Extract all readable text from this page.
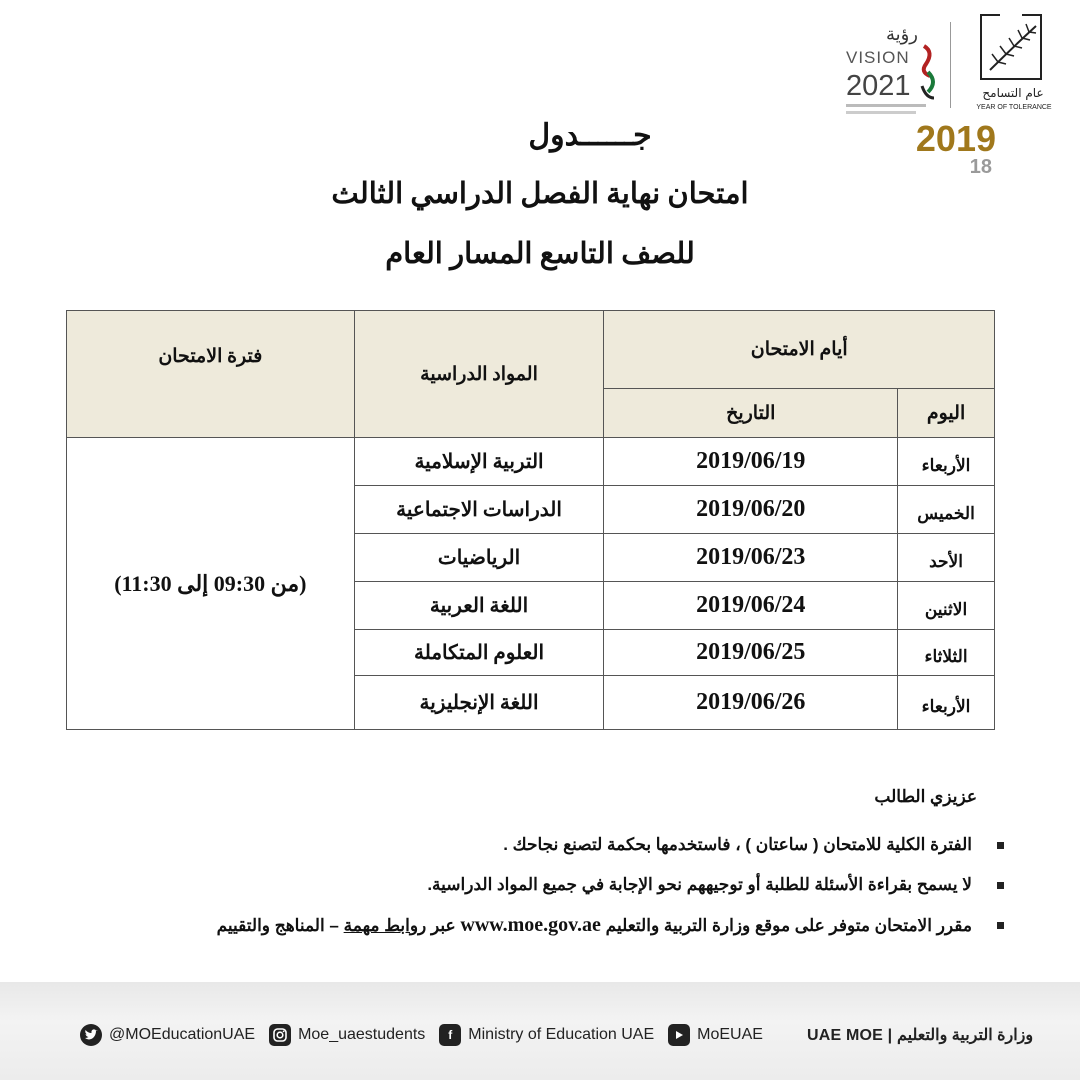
رؤية
VISION
2021	عام التسامح
YEAR OF TOLERANCE
2019
18
جــــــدول
امتحان نهاية الفصل الدراسي الثالث
للصف التاسع المسار العام
أيام الامتحان		المواد الدراسية	فترة الامتحان
اليوم	التاريخ		
الأربعاء	2019/06/19	التربية الإسلامية	(من 09:30 إلى 11:30)
الخميس	2019/06/20	الدراسات الاجتماعية	
الأحد	2019/06/23	الرياضيات	
الاثنين	2019/06/24	اللغة العربية	
الثلاثاء	2019/06/25	العلوم المتكاملة	
الأربعاء	2019/06/26	اللغة الإنجليزية	
عزيزي الطالب
الفترة الكلية للامتحان ( ساعتان ) ، فاستخدمها بحكمة لتصنع نجاحك .
لا يسمح بقراءة الأسئلة للطلبة أو توجيههم نحو الإجابة في جميع المواد الدراسية.
مقرر الامتحان متوفر على موقع وزارة التربية والتعليم www.moe.gov.ae عبر روابط مهمة – المناهج والتقييم
@MOEducationUAE	Moe_uaestudents	f	Ministry of Education UAE	MoEUAE	UAE MOE | وزارة التربية والتعليم
